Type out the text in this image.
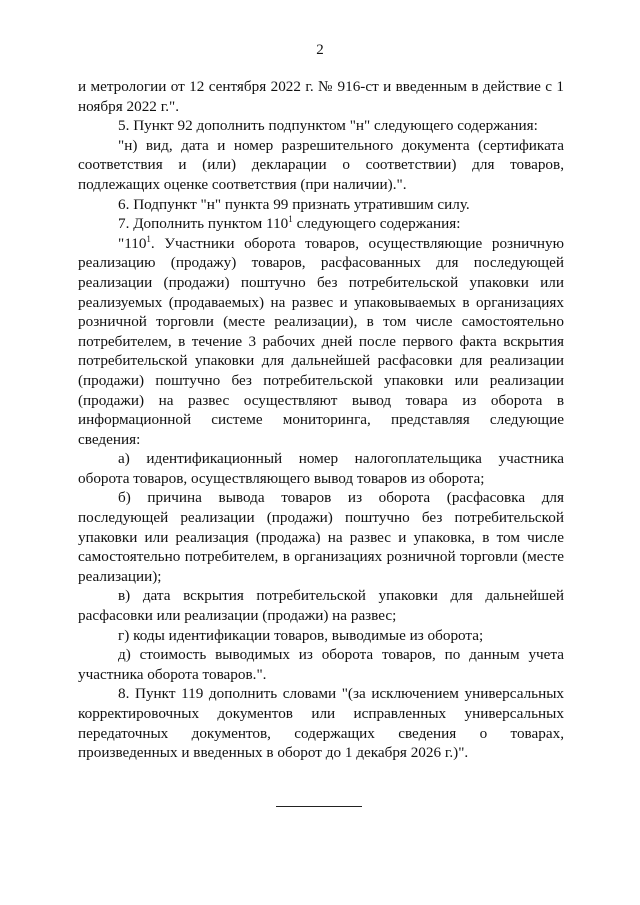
2

и метрологии от 12 сентября 2022 г. № 916-ст и введенным в действие с 1 ноября 2022 г.".

5. Пункт 92 дополнить подпунктом "н" следующего содержания:

"н) вид, дата и номер разрешительного документа (сертификата соответствия и (или) декларации о соответствии) для товаров, подлежащих оценке соответствия (при наличии).".

6. Подпункт "н" пункта 99 признать утратившим силу.

7. Дополнить пунктом $110^1$ следующего содержания:

"$110^1$. Участники оборота товаров, осуществляющие розничную реализацию (продажу) товаров, расфасованных для последующей реализации (продажи) поштучно без потребительской упаковки или реализуемых (продаваемых) на развес и упаковываемых в организациях розничной торговли (месте реализации), в том числе самостоятельно потребителем, в течение 3 рабочих дней после первого факта вскрытия потребительской упаковки для дальнейшей расфасовки для реализации (продажи) поштучно без потребительской упаковки или реализации (продажи) на развес осуществляют вывод товара из оборота в информационной системе мониторинга, представляя следующие сведения:

а) идентификационный номер налогоплательщика участника оборота товаров, осуществляющего вывод товаров из оборота;

б) причина вывода товаров из оборота (расфасовка для последующей реализации (продажи) поштучно без потребительской упаковки или реализация (продажа) на развес и упаковка, в том числе самостоятельно потребителем, в организациях розничной торговли (месте реализации);

в) дата вскрытия потребительской упаковки для дальнейшей расфасовки или реализации (продажи) на развес;

г) коды идентификации товаров, выводимые из оборота;

д) стоимость выводимых из оборота товаров, по данным учета участника оборота товаров.".

8. Пункт 119 дополнить словами "(за исключением универсальных корректировочных документов или исправленных универсальных передаточных документов, содержащих сведения о товарах, произведенных и введенных в оборот до 1 декабря 2026 г.)".
